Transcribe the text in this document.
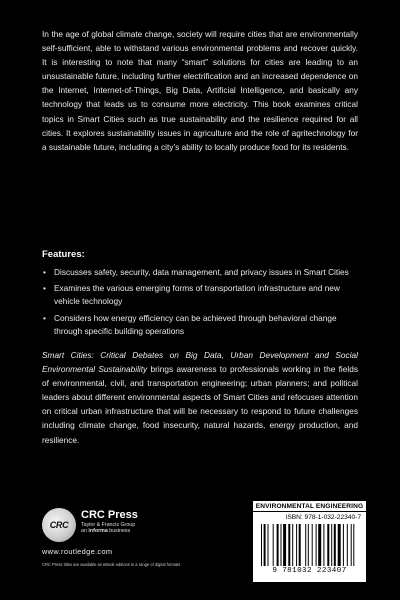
In the age of global climate change, society will require cities that are environmentally self-sufficient, able to withstand various environmental problems and recover quickly. It is interesting to note that many “smart” solutions for cities are leading to an unsustainable future, including further electrification and an increased dependence on the Internet, Internet-of-Things, Big Data, Artificial Intelligence, and basically any technology that leads us to consume more electricity. This book examines critical topics in Smart Cities such as true sustainability and the resilience required for all cities. It explores sustainability issues in agriculture and the role of agritechnology for a sustainable future, including a city’s ability to locally produce food for its residents.

Features:

• Discusses safety, security, data management, and privacy issues in Smart Cities
• Examines the various emerging forms of transportation infrastructure and new vehicle technology
• Considers how energy efficiency can be achieved through behavioral change through specific building operations

Smart Cities: Critical Debates on Big Data, Urban Development and Social Environmental Sustainability brings awareness to professionals working in the fields of environmental, civil, and transportation engineering; urban planners; and political leaders about different environmental aspects of Smart Cities and refocuses attention on critical urban infrastructure that will be necessary to respond to future challenges including climate change, food insecurity, natural hazards, energy production, and resilience.

CRC
CRC Press
Taylor & Francis Group
an informa business
www.routledge.com
CRC Press titles are available as eBook editions in a range of digital formats
ENVIRONMENTAL ENGINEERING
ISBN: 978-1-032-22340-7
9 781032 223407
